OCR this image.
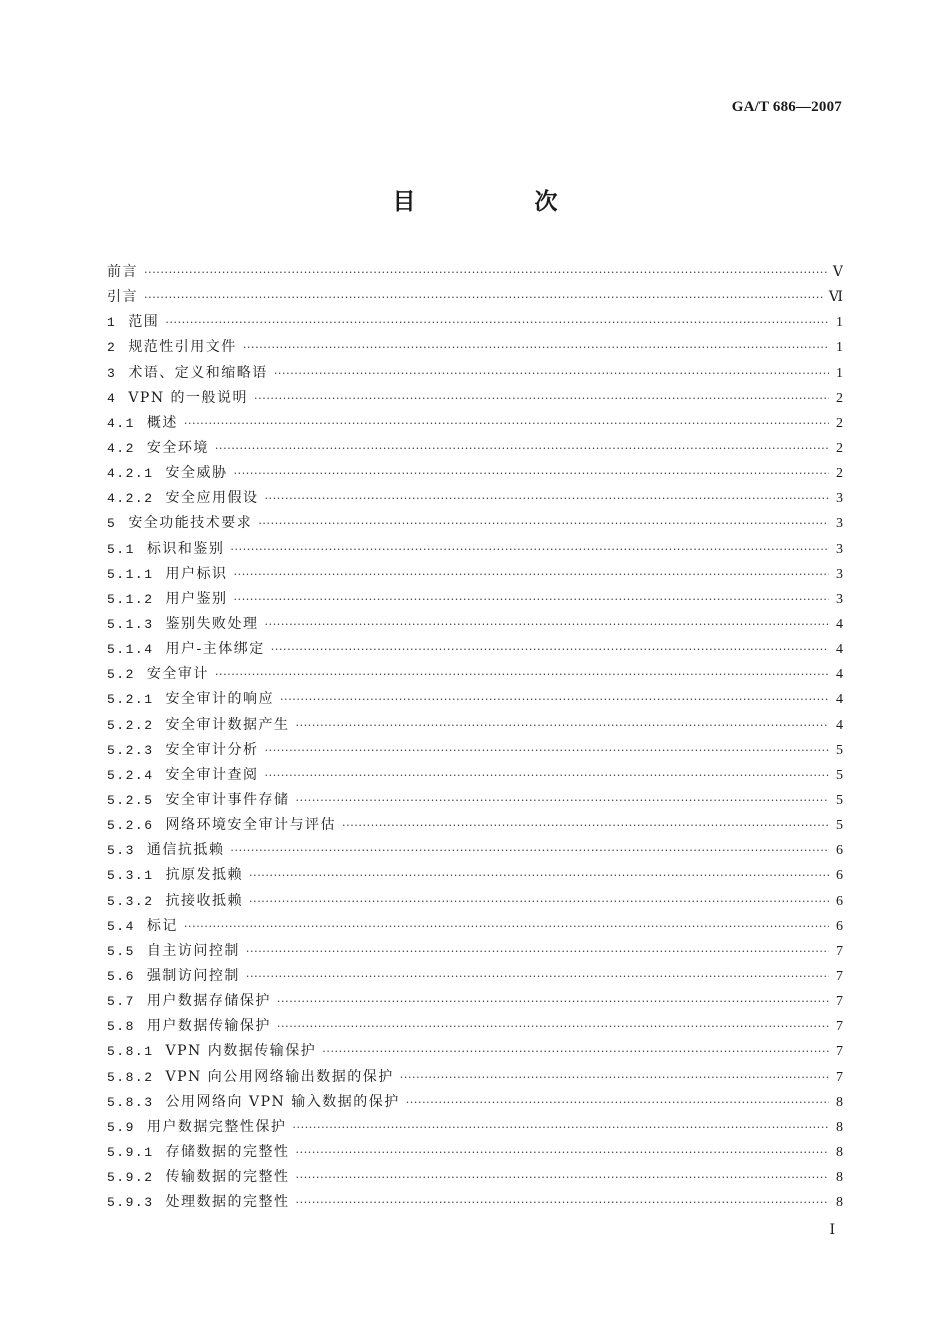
GA/T 686—2007
目　次
前言 ·····	Ⅴ
引言 ·····	Ⅵ
1 范围 ·····	1
2 规范性引用文件 ·····	1
3 术语、定义和缩略语 ·····	1
4 VPN 的一般说明 ·····	2
4.1 概述 ·····	2
4.2 安全环境 ·····	2
4.2.1 安全威胁 ·····	2
4.2.2 安全应用假设 ·····	3
5 安全功能技术要求 ·····	3
5.1 标识和鉴别 ·····	3
5.1.1 用户标识 ·····	3
5.1.2 用户鉴别 ·····	3
5.1.3 鉴别失败处理 ·····	4
5.1.4 用户-主体绑定 ·····	4
5.2 安全审计 ·····	4
5.2.1 安全审计的响应 ·····	4
5.2.2 安全审计数据产生 ·····	4
5.2.3 安全审计分析 ·····	5
5.2.4 安全审计查阅 ·····	5
5.2.5 安全审计事件存储 ·····	5
5.2.6 网络环境安全审计与评估 ·····	5
5.3 通信抗抵赖 ·····	6
5.3.1 抗原发抵赖 ·····	6
5.3.2 抗接收抵赖 ·····	6
5.4 标记 ·····	6
5.5 自主访问控制 ·····	7
5.6 强制访问控制 ·····	7
5.7 用户数据存储保护 ·····	7
5.8 用户数据传输保护 ·····	7
5.8.1 VPN 内数据传输保护 ·····	7
5.8.2 VPN 向公用网络输出数据的保护 ·····	7
5.8.3 公用网络向 VPN 输入数据的保护 ·····	8
5.9 用户数据完整性保护 ·····	8
5.9.1 存储数据的完整性 ·····	8
5.9.2 传输数据的完整性 ·····	8
5.9.3 处理数据的完整性 ·····	8
Ⅰ
